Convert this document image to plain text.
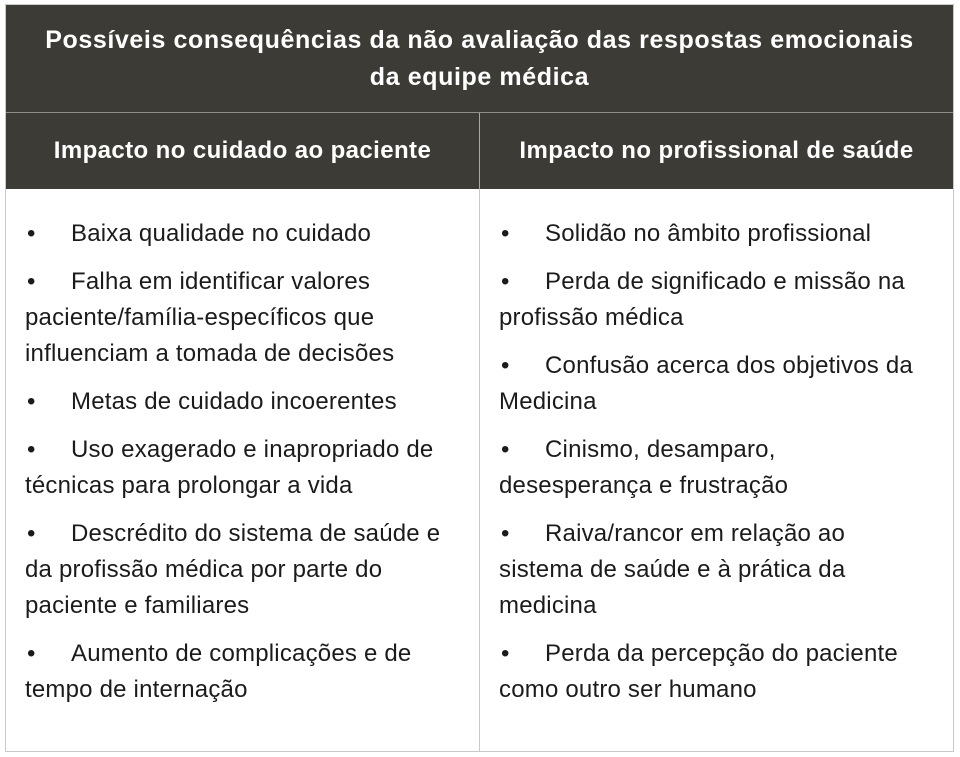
Possíveis consequências da não avaliação das respostas emocionais da equipe médica
Impacto no cuidado ao paciente	Impacto no profissional de saúde
• Baixa qualidade no cuidado
• Falha em identificar valores paciente/família-específicos que influenciam a tomada de decisões
• Metas de cuidado incoerentes
• Uso exagerado e inapropriado de técnicas para prolongar a vida
• Descrédito do sistema de saúde e da profissão médica por parte do paciente e familiares
• Aumento de complicações e de tempo de internação
• Solidão no âmbito profissional
• Perda de significado e missão na profissão médica
• Confusão acerca dos objetivos da Medicina
• Cinismo, desamparo, desesperança e frustração
• Raiva/rancor em relação ao sistema de saúde e à prática da medicina
• Perda da percepção do paciente como outro ser humano
